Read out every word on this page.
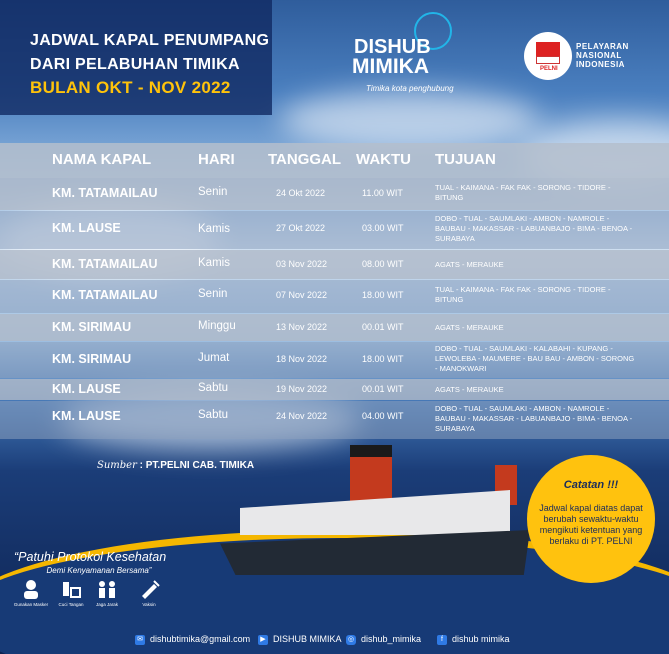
JADWAL KAPAL PENUMPANG
DARI PELABUHAN TIMIKA
BULAN OKT - NOV 2022
DISHUB
MIMIKA
Timika kota penghubung
PELNI
PELAYARAN NASIONAL INDONESIA
NAMA KAPAL	HARI TANGGAL WAKTU TUJUAN
KM. TATAMAILAU	Senin	24 Okt 2022	11.00 WIT
TUAL - KAIMANA - FAK FAK - SORONG - TIDORE - BITUNG
KM. LAUSE	Kamis	27 Okt 2022	03.00 WIT
DOBO - TUAL - SAUMLAKI - AMBON - NAMROLE - BAUBAU - MAKASSAR - LABUANBAJO - BIMA - BENOA - SURABAYA
KM. TATAMAILAU	Kamis	03 Nov 2022	08.00 WIT	AGATS - MERAUKE
KM. TATAMAILAU	Senin	07 Nov 2022	18.00 WIT
TUAL - KAIMANA - FAK FAK - SORONG - TIDORE - BITUNG
KM. SIRIMAU	Minggu	13 Nov 2022	00.01 WIT	AGATS - MERAUKE
KM. SIRIMAU	Jumat	18 Nov 2022	18.00 WIT
DOBO - TUAL - SAUMLAKI - KALABAHI - KUPANG - LEWOLEBA - MAUMERE - BAU BAU - AMBON - SORONG - MANOKWARI
KM. LAUSE	Sabtu	19 Nov 2022	00.01 WIT	AGATS - MERAUKE
KM. LAUSE	Sabtu	24 Nov 2022	04.00 WIT
DOBO - TUAL - SAUMLAKI - AMBON - NAMROLE - BAUBAU - MAKASSAR - LABUANBAJO - BIMA - BENOA - SURABAYA
Sumber : PT.PELNI CAB. TIMIKA
Catatan !!!
Jadwal kapal diatas dapat berubah sewaktu-waktu mengikuti ketentuan yang berlaku di PT. PELNI
“Patuhi Protokol Kesehatan
Demi Kenyamanan Bersama”
Gunakan Masker	Cuci Tangan	Jaga Jarak	Vaksin
✉ dishubtimika@gmail.com	▶ DISHUB MIMIKA ◎ dishub_mimika	f dishub mimika
